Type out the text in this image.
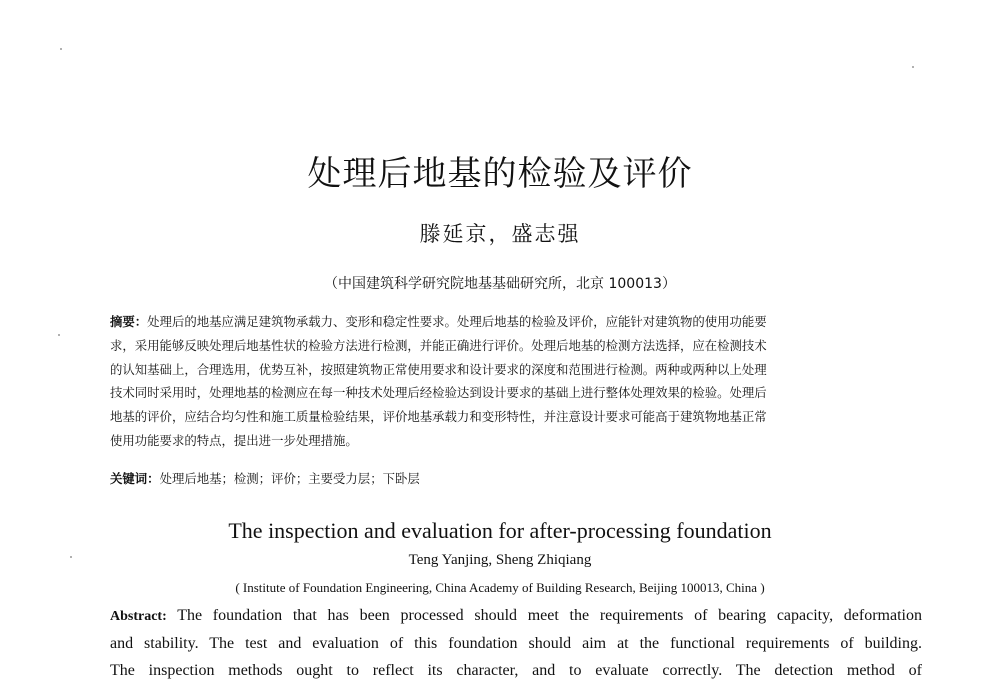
处理后地基的检验及评价
滕延京，盛志强
（中国建筑科学研究院地基基础研究所，北京 100013）
摘要：处理后的地基应满足建筑物承载力、变形和稳定性要求。处理后地基的检验及评价，应能针对建筑物的使用功能要
求，采用能够反映处理后地基性状的检验方法进行检测，并能正确进行评价。处理后地基的检测方法选择，应在检测技术
的认知基础上，合理选用，优势互补，按照建筑物正常使用要求和设计要求的深度和范围进行检测。两种或两种以上处理
技术同时采用时，处理地基的检测应在每一种技术处理后经检验达到设计要求的基础上进行整体处理效果的检验。处理后
地基的评价，应结合均匀性和施工质量检验结果，评价地基承载力和变形特性，并注意设计要求可能高于建筑物地基正常
使用功能要求的特点，提出进一步处理措施。
关键词：处理后地基；检测；评价；主要受力层；下卧层
The inspection and evaluation for after-processing foundation
Teng Yanjing, Sheng Zhiqiang
( Institute of Foundation Engineering, China Academy of Building Research, Beijing 100013, China )
Abstract: The foundation that has been processed should meet the requirements of bearing capacity, deformation
and stability. The test and evaluation of this foundation should aim at the functional requirements of building.
The inspection methods ought to reflect its character, and to evaluate correctly. The detection method of
